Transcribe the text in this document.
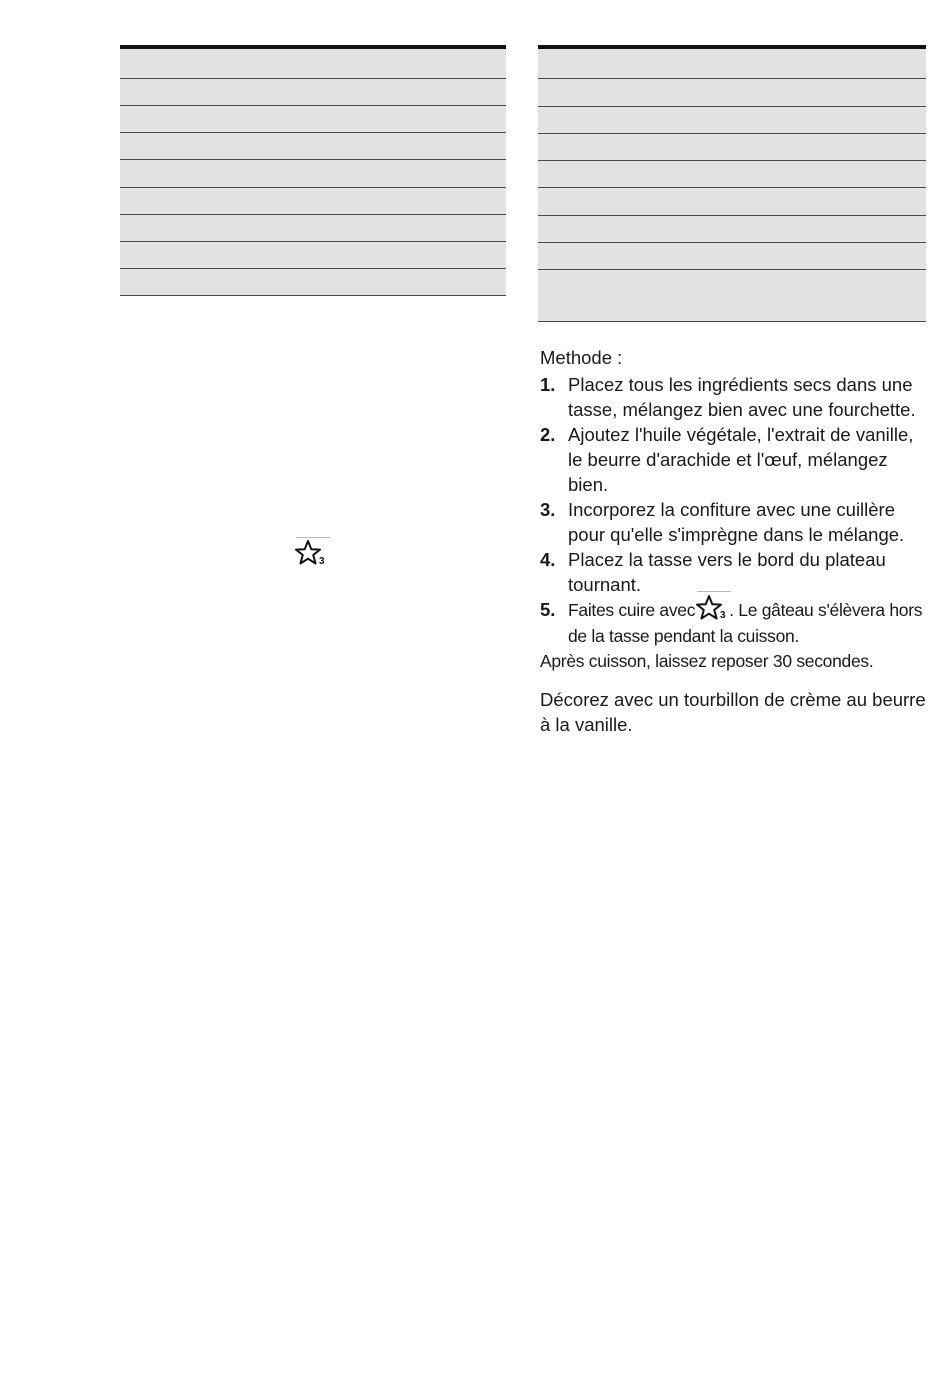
3

Methode :

1. Placez tous les ingrédients secs dans une tasse, mélangez bien avec une fourchette.
2. Ajoutez l'huile végétale, l'extrait de vanille, le beurre d'arachide et l'œuf, mélangez bien.
3. Incorporez la confiture avec une cuillère pour qu'elle s'imprègne dans le mélange.
4. Placez la tasse vers le bord du plateau tournant.
5. Faites cuire avec	3 . Le gâteau s'élèvera hors de la tasse pendant la cuisson.

Après cuisson, laissez reposer 30 secondes.

Décorez avec un tourbillon de crème au beurre à la vanille.
